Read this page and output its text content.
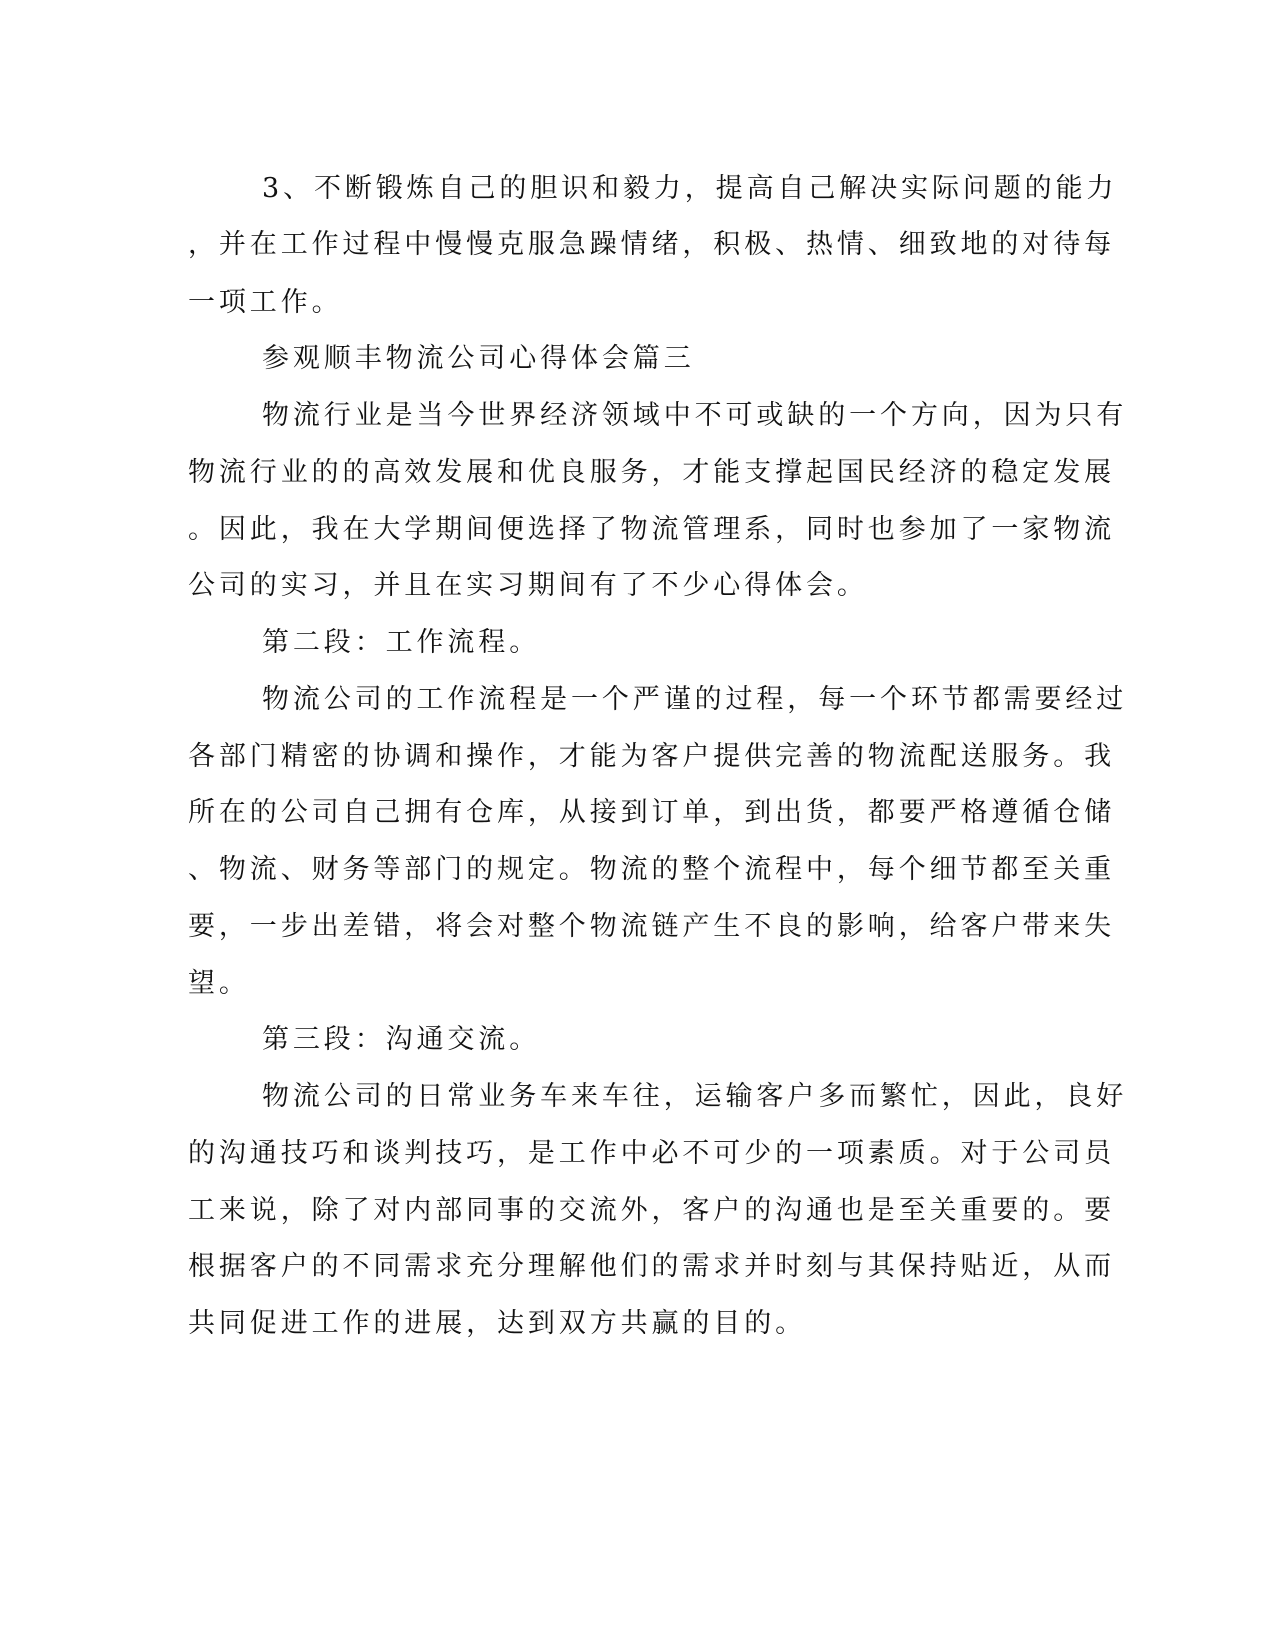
3、不断锻炼自己的胆识和毅力，提高自己解决实际问题的能力
，并在工作过程中慢慢克服急躁情绪，积极、热情、细致地的对待每
一项工作。
参观顺丰物流公司心得体会篇三
物流行业是当今世界经济领域中不可或缺的一个方向，因为只有
物流行业的的高效发展和优良服务，才能支撑起国民经济的稳定发展
。因此，我在大学期间便选择了物流管理系，同时也参加了一家物流
公司的实习，并且在实习期间有了不少心得体会。
第二段：工作流程。
物流公司的工作流程是一个严谨的过程，每一个环节都需要经过
各部门精密的协调和操作，才能为客户提供完善的物流配送服务。我
所在的公司自己拥有仓库，从接到订单，到出货，都要严格遵循仓储
、物流、财务等部门的规定。物流的整个流程中，每个细节都至关重
要，一步出差错，将会对整个物流链产生不良的影响，给客户带来失
望。
第三段：沟通交流。
物流公司的日常业务车来车往，运输客户多而繁忙，因此，良好
的沟通技巧和谈判技巧，是工作中必不可少的一项素质。对于公司员
工来说，除了对内部同事的交流外，客户的沟通也是至关重要的。要
根据客户的不同需求充分理解他们的需求并时刻与其保持贴近，从而
共同促进工作的进展，达到双方共赢的目的。
